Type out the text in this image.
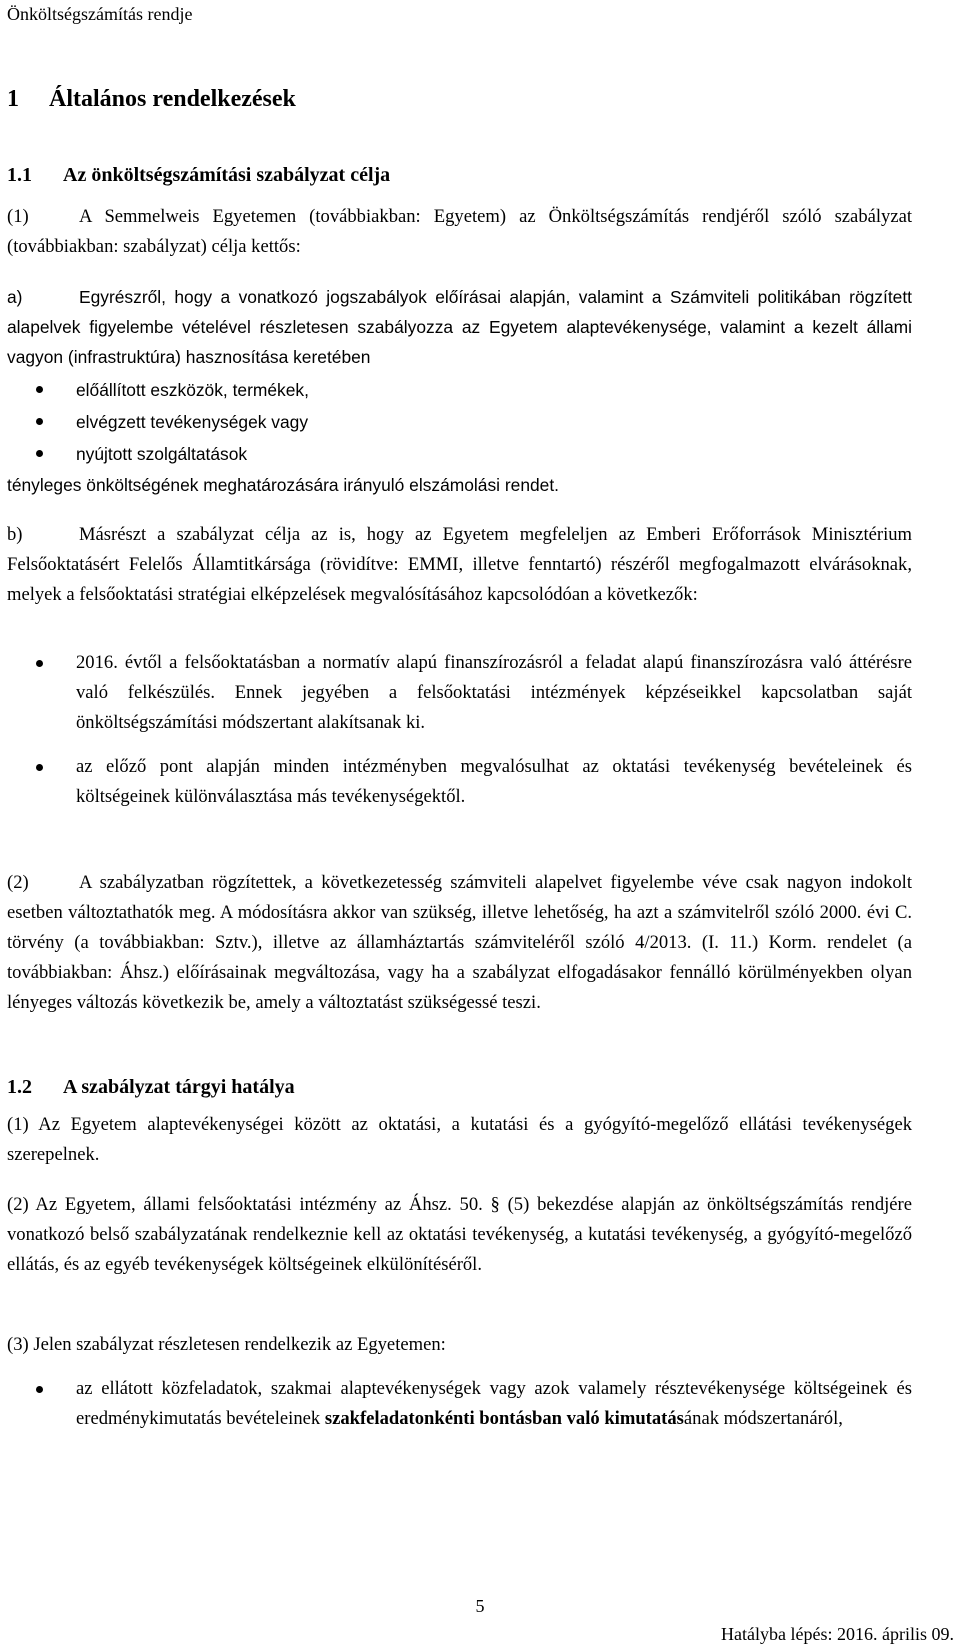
Önköltségszámítás rendje
1 Általános rendelkezések
1.1 Az önköltségszámítási szabályzat célja
(1)	A Semmelweis Egyetemen (továbbiakban: Egyetem) az Önköltségszámítás rendjéről szóló szabályzat (továbbiakban: szabályzat) célja kettős:
a)	Egyrészről, hogy a vonatkozó jogszabályok előírásai alapján, valamint a Számviteli politikában rögzített alapelvek figyelembe vételével részletesen szabályozza az Egyetem alaptevékenysége, valamint a kezelt állami vagyon (infrastruktúra) hasznosítása keretében
előállított eszközök, termékek,
elvégzett tevékenységek vagy
nyújtott szolgáltatások
tényleges önköltségének meghatározására irányuló elszámolási rendet.
b)	Másrészt a szabályzat célja az is, hogy az Egyetem megfeleljen az Emberi Erőforrások Minisztérium Felsőoktatásért Felelős Államtitkársága (rövidítve: EMMI, illetve fenntartó) részéről megfogalmazott elvárásoknak, melyek a felsőoktatási stratégiai elképzelések megvalósításához kapcsolódóan a következők:
2016. évtől a felsőoktatásban a normatív alapú finanszírozásról a feladat alapú finanszírozásra való áttérésre való felkészülés. Ennek jegyében a felsőoktatási intézmények képzéseikkel kapcsolatban saját önköltségszámítási módszertant alakítsanak ki.
az előző pont alapján minden intézményben megvalósulhat az oktatási tevékenység bevételeinek és költségeinek különválasztása más tevékenységektől.
(2)	A szabályzatban rögzítettek, a következetesség számviteli alapelvet figyelembe véve csak nagyon indokolt esetben változtathatók meg. A módosításra akkor van szükség, illetve lehetőség, ha azt a számvitelről szóló 2000. évi C. törvény (a továbbiakban: Sztv.), illetve az államháztartás számviteléről szóló 4/2013. (I. 11.) Korm. rendelet (a továbbiakban: Áhsz.) előírásainak megváltozása, vagy ha a szabályzat elfogadásakor fennálló körülményekben olyan lényeges változás következik be, amely a változtatást szükségessé teszi.
1.2 A szabályzat tárgyi hatálya
(1) Az Egyetem alaptevékenységei között az oktatási, a kutatási és a gyógyító-megelőző ellátási tevékenységek szerepelnek.
(2) Az Egyetem, állami felsőoktatási intézmény az Áhsz. 50. § (5) bekezdése alapján az önköltségszámítás rendjére vonatkozó belső szabályzatának rendelkeznie kell az oktatási tevékenység, a kutatási tevékenység, a gyógyító-megelőző ellátás, és az egyéb tevékenységek költségeinek elkülönítéséről.
(3) Jelen szabályzat részletesen rendelkezik az Egyetemen:
az ellátott közfeladatok, szakmai alaptevékenységek vagy azok valamely résztevékenysége költségeinek és eredménykimutatás bevételeinek szakfeladatonkénti bontásban való kimutatásának módszertanáról,
5
Hatályba lépés: 2016. április 09.
